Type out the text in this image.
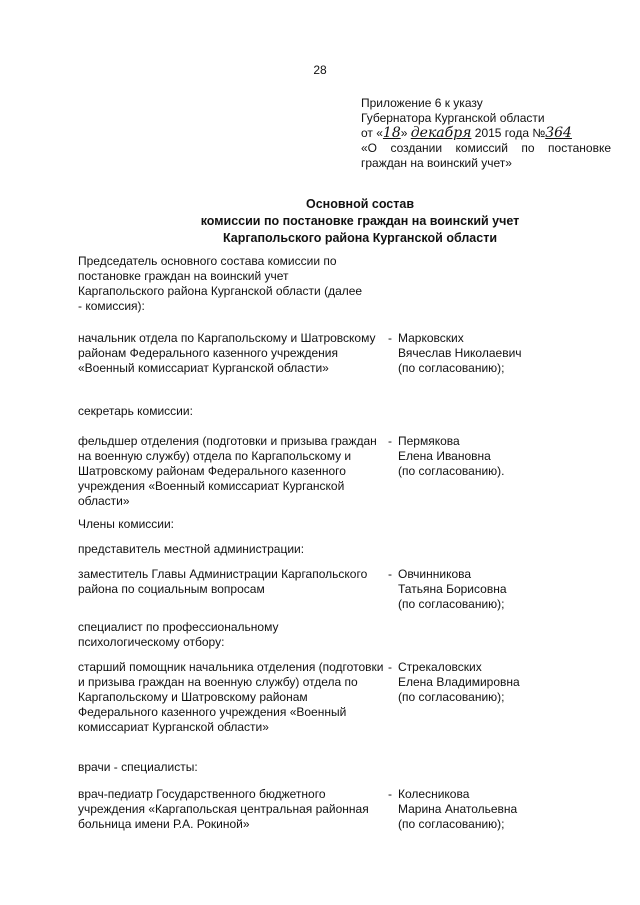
28
Приложение 6 к указу
Губернатора Курганской области
от «18» декабря 2015 года №364
«О создании комиссий по постановке граждан на воинский учет»
Основной состав
комиссии по постановке граждан на воинский учет
Каргапольского района Курганской области
Председатель основного состава комиссии по постановке граждан на воинский учет Каргапольского района Курганской области (далее - комиссия):
начальник отдела по Каргапольскому и Шатровскому районам Федерального казенного учреждения «Военный комиссариат Курганской области»
- Марковских
Вячеслав Николаевич
(по согласованию);
секретарь комиссии:
фельдшер отделения (подготовки и призыва граждан на военную службу) отдела по Каргапольскому и Шатровскому районам Федерального казенного учреждения «Военный комиссариат Курганской области»
- Пермякова
Елена Ивановна
(по согласованию).
Члены комиссии:
представитель местной администрации:
заместитель Главы Администрации Каргапольского района по социальным вопросам
- Овчинникова
Татьяна Борисовна
(по согласованию);
специалист по профессиональному психологическому отбору:
старший помощник начальника отделения (подготовки и призыва граждан на военную службу) отдела по Каргапольскому и Шатровскому районам Федерального казенного учреждения «Военный комиссариат Курганской области»
- Стрекаловских
Елена Владимировна
(по согласованию);
врачи - специалисты:
врач-педиатр Государственного бюджетного учреждения «Каргапольская центральная районная больница имени Р.А. Рокиной»
- Колесникова
Марина Анатольевна
(по согласованию);
